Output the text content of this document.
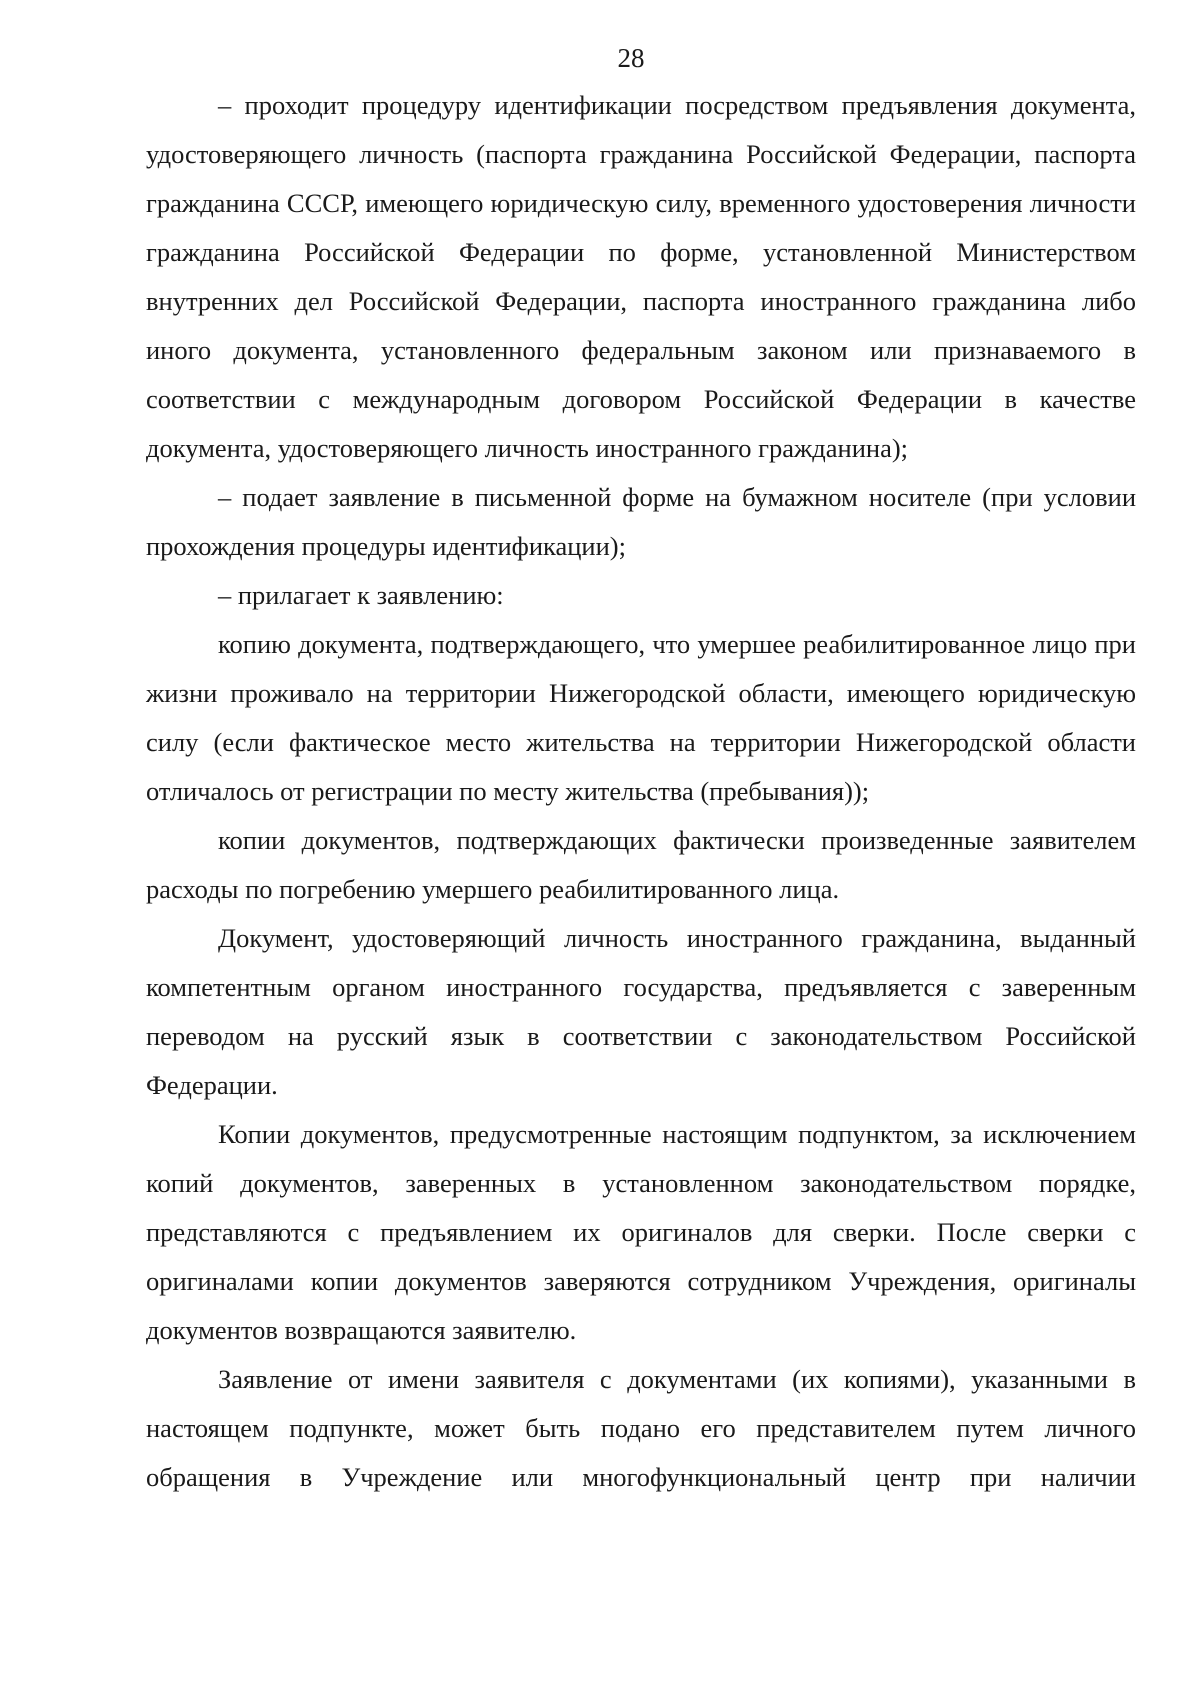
28

– проходит процедуру идентификации посредством предъявления документа, удостоверяющего личность (паспорта гражданина Российской Федерации, паспорта гражданина СССР, имеющего юридическую силу, временного удостоверения личности гражданина Российской Федерации по форме, установленной Министерством внутренних дел Российской Федерации, паспорта иностранного гражданина либо иного документа, установленного федеральным законом или признаваемого в соответствии с международным договором Российской Федерации в качестве документа, удостоверяющего личность иностранного гражданина);

– подает заявление в письменной форме на бумажном носителе (при условии прохождения процедуры идентификации);

– прилагает к заявлению:

копию документа, подтверждающего, что умершее реабилитированное лицо при жизни проживало на территории Нижегородской области, имеющего юридическую силу (если фактическое место жительства на территории Нижегородской области отличалось от регистрации по месту жительства (пребывания));

копии документов, подтверждающих фактически произведенные заявителем расходы по погребению умершего реабилитированного лица.

Документ, удостоверяющий личность иностранного гражданина, выданный компетентным органом иностранного государства, предъявляется с заверенным переводом на русский язык в соответствии с законодательством Российской Федерации.

Копии документов, предусмотренные настоящим подпунктом, за исключением копий документов, заверенных в установленном законодательством порядке, представляются с предъявлением их оригиналов для сверки. После сверки с оригиналами копии документов заверяются сотрудником Учреждения, оригиналы документов возвращаются заявителю.

Заявление от имени заявителя с документами (их копиями), указанными в настоящем подпункте, может быть подано его представителем путем личного обращения в Учреждение или многофункциональный центр при наличии
